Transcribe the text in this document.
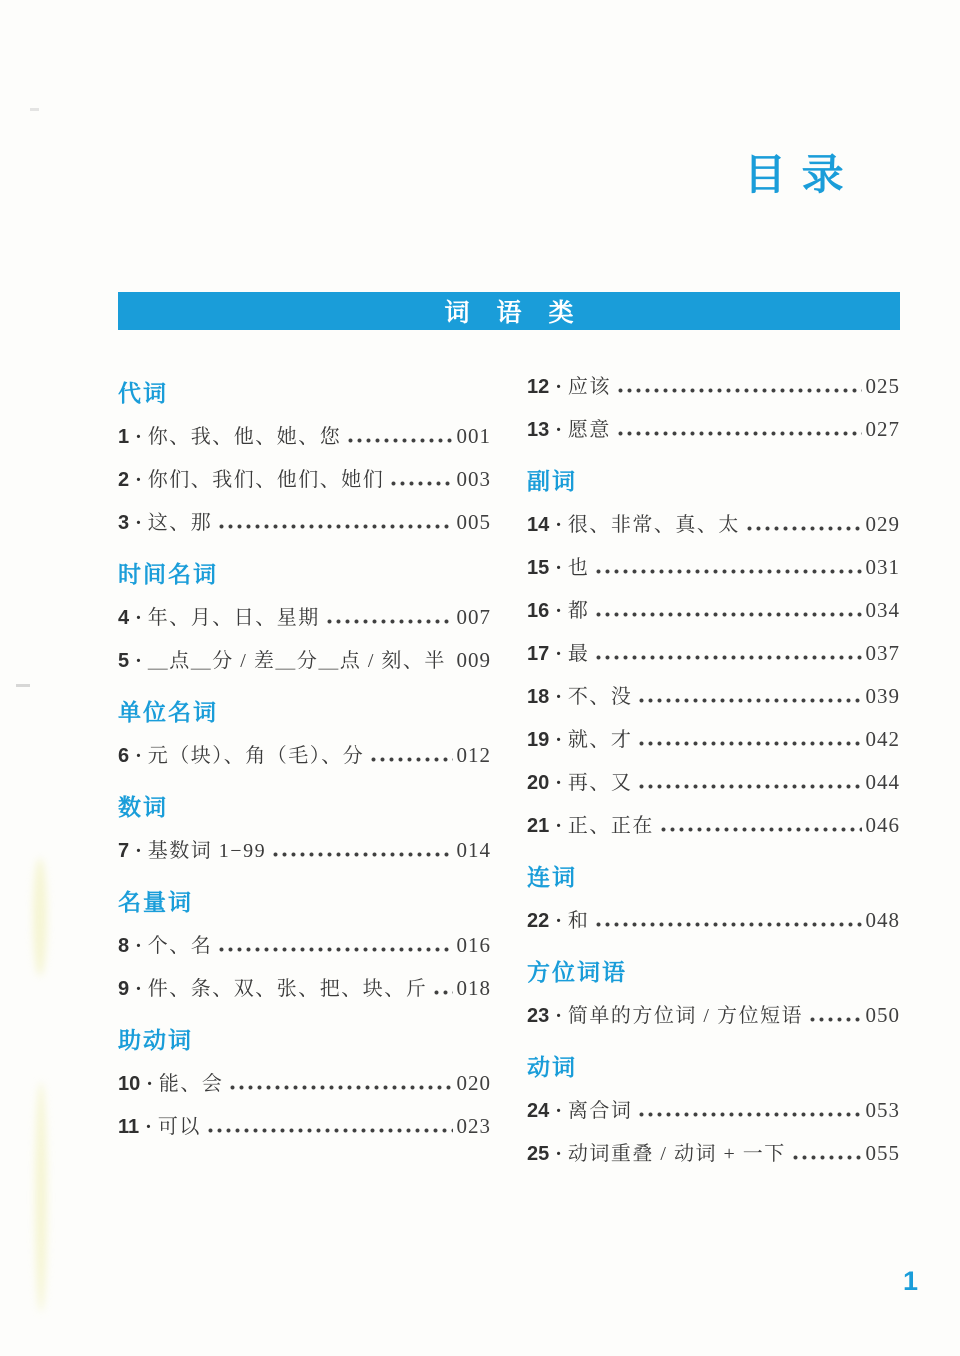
目 录
词 语 类
代词
1 · 你、我、他、她、您	001
2 · 你们、我们、他们、她们	003
3 · 这、那	005
时间名词
4 · 年、月、日、星期	007
5 · ＿点＿分 / 差＿分＿点 / 刻、半 009
单位名词
6 · 元（块）、角（毛）、分	012
数词
7 · 基数词 1−99	014
名量词
8 · 个、名	016
9 · 件、条、双、张、把、块、斤 018
助动词
10 · 能、会	020
11 · 可以	023
12 · 应该	025
13 · 愿意	027
副词
14 · 很、非常、真、太	029
15 · 也	031
16 · 都	034
17 · 最	037
18 · 不、没	039
19 · 就、才	042
20 · 再、又	044
21 · 正、正在	046
连词
22 · 和	048
方位词语
23 · 简单的方位词 / 方位短语	050
动词
24 · 离合词	053
25 · 动词重叠 / 动词 + 一下	055
1
